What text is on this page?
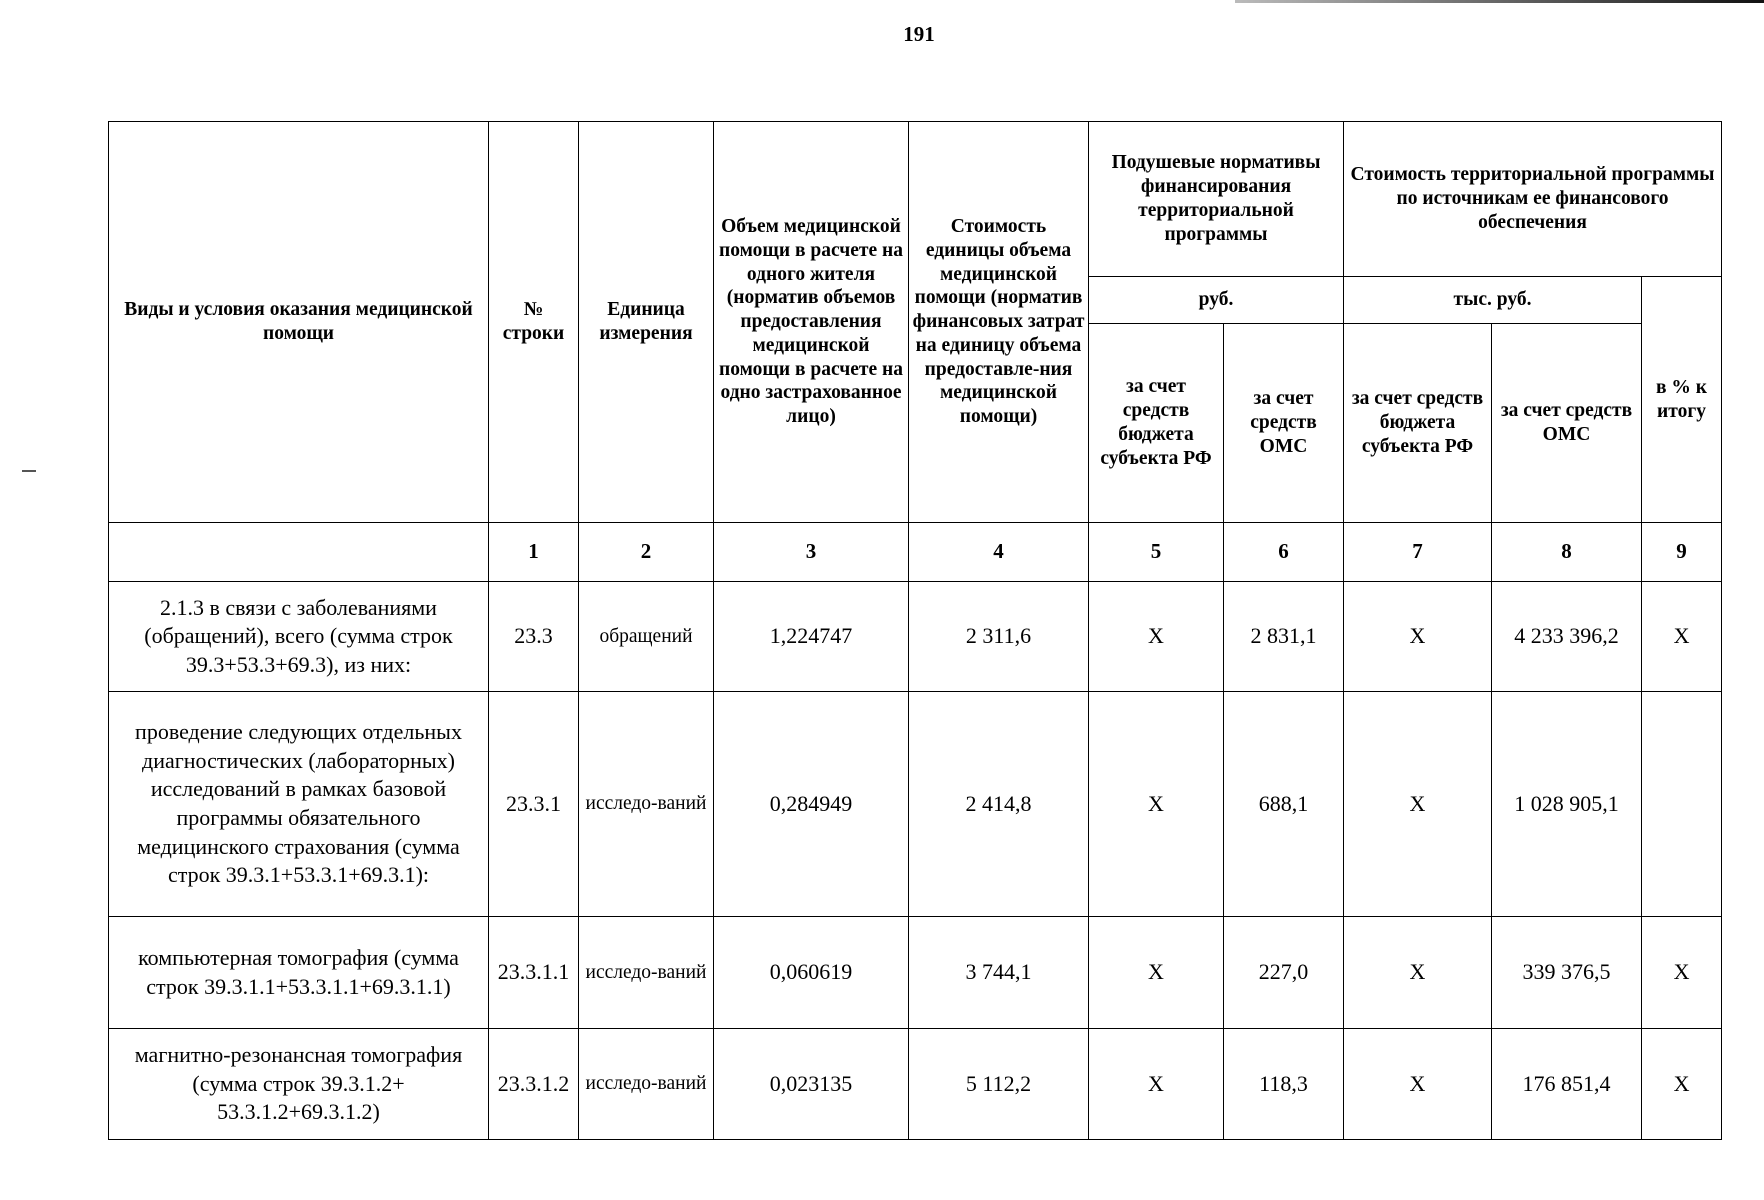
191
Виды и условия оказания медицинской помощи	№ строки	Единица измерения	Объем медицинской помощи в расчете на одного жителя (норматив объемов предоставления медицинской помощи в расчете на одно застрахованное лицо)	Стоимость единицы объема медицинской помощи (норматив финансовых затрат на единицу объема предоставле-ния медицинской помощи)	Подушевые нормативы финансирования территориальной программы		Стоимость территориальной программы по источникам ее финансового обеспечения		
					руб.		тыс. руб.		в % к итогу
					за счет средств бюджета субъекта РФ	за счет средств ОМС	за счет средств бюджета субъекта РФ	за счет средств ОМС	
	1	2	3	4	5	6	7	8	9
2.1.3 в связи с заболеваниями (обращений), всего (сумма строк 39.3+53.3+69.3), из них:	23.3	обращений	1,224747	2 311,6	X	2 831,1	X	4 233 396,2	X
проведение следующих отдельных диагностических (лабораторных) исследований в рамках базовой программы обязательного медицинского страхования (сумма строк 39.3.1+53.3.1+69.3.1):	23.3.1	исследо-ваний	0,284949	2 414,8	X	688,1	X	1 028 905,1	
компьютерная томография (сумма строк 39.3.1.1+53.3.1.1+69.3.1.1)	23.3.1.1	исследо-ваний	0,060619	3 744,1	X	227,0	X	339 376,5	X
магнитно-резонансная томография (сумма строк 39.3.1.2+ 53.3.1.2+69.3.1.2)	23.3.1.2	исследо-ваний	0,023135	5 112,2	X	118,3	X	176 851,4	X
